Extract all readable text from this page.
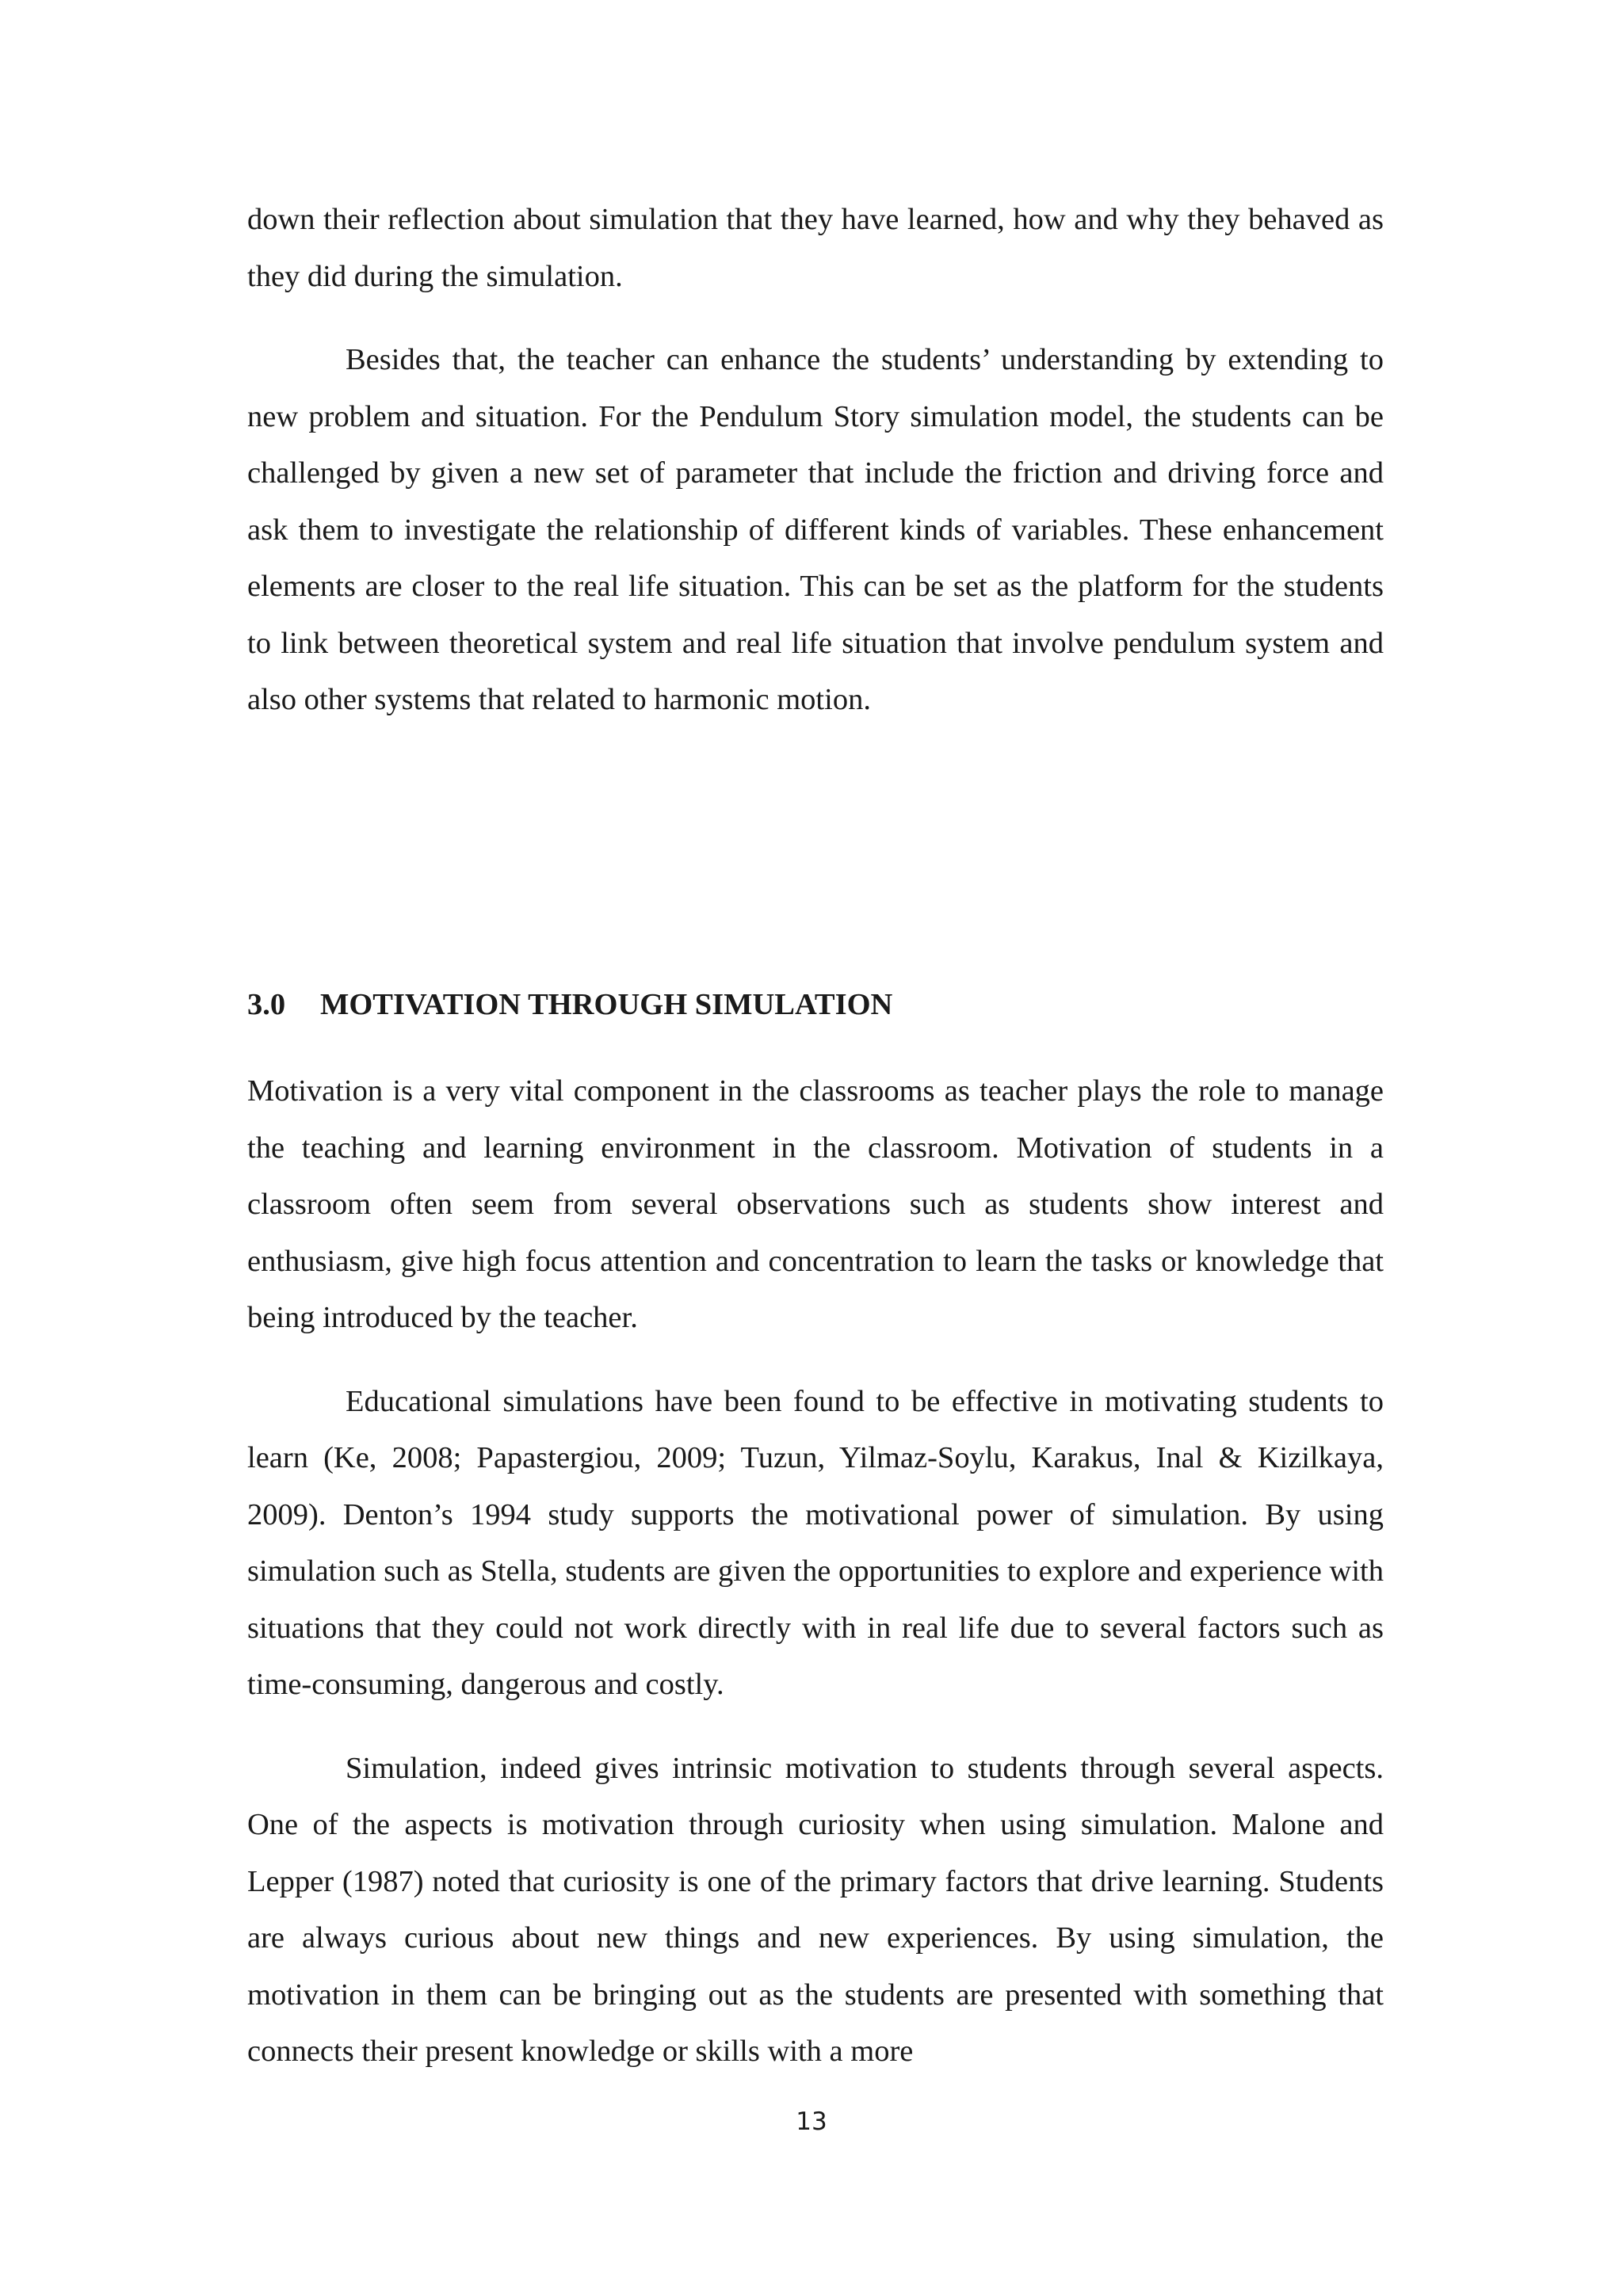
down their reflection about simulation that they have learned, how and why they behaved as they did during the simulation.

Besides that, the teacher can enhance the students’ understanding by extending to new problem and situation. For the Pendulum Story simulation model, the students can be challenged by given a new set of parameter that include the friction and driving force and ask them to investigate the relationship of different kinds of variables. These enhancement elements are closer to the real life situation. This can be set as the platform for the students to link between theoretical system and real life situation that involve pendulum system and also other systems that related to harmonic motion.

3.0 MOTIVATION THROUGH SIMULATION

Motivation is a very vital component in the classrooms as teacher plays the role to manage the teaching and learning environment in the classroom. Motivation of students in a classroom often seem from several observations such as students show interest and enthusiasm, give high focus attention and concentration to learn the tasks or knowledge that being introduced by the teacher.

Educational simulations have been found to be effective in motivating students to learn (Ke, 2008; Papastergiou, 2009; Tuzun, Yilmaz-Soylu, Karakus, Inal & Kizilkaya, 2009). Denton’s 1994 study supports the motivational power of simulation. By using simulation such as Stella, students are given the opportunities to explore and experience with situations that they could not work directly with in real life due to several factors such as time-consuming, dangerous and costly.

Simulation, indeed gives intrinsic motivation to students through several aspects. One of the aspects is motivation through curiosity when using simulation. Malone and Lepper (1987) noted that curiosity is one of the primary factors that drive learning. Students are always curious about new things and new experiences. By using simulation, the motivation in them can be bringing out as the students are presented with something that connects their present knowledge or skills with a more

13
